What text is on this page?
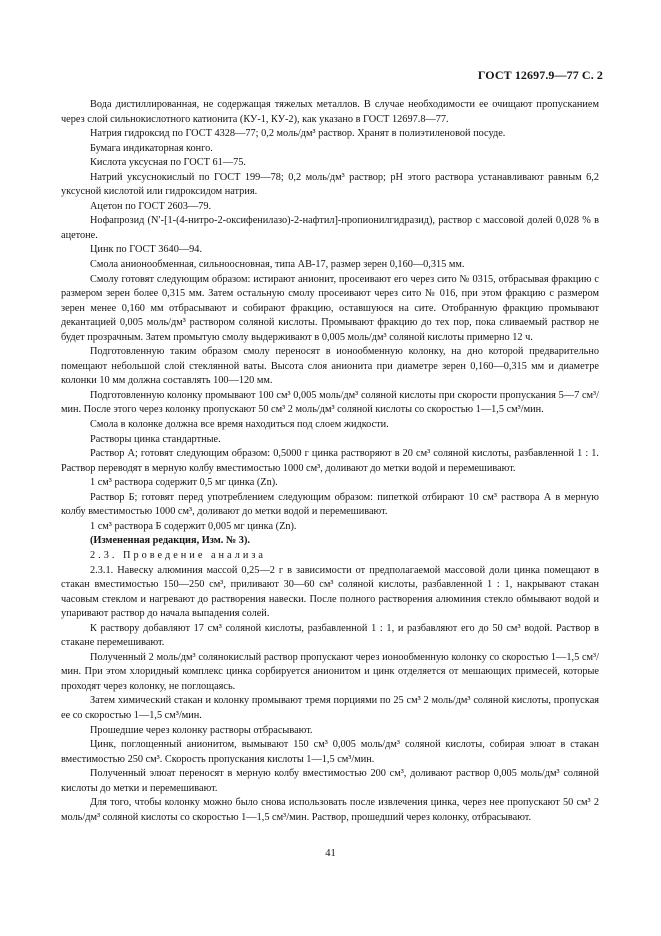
ГОСТ 12697.9—77 С. 2

Вода дистиллированная, не содержащая тяжелых металлов. В случае необходимости ее очищают пропусканием через слой сильнокислотного катионита (КУ-1, КУ-2), как указано в ГОСТ 12697.8—77.

Натрия гидроксид по ГОСТ 4328—77; 0,2 моль/дм³ раствор. Хранят в полиэтиленовой посуде.

Бумага индикаторная конго.

Кислота уксусная по ГОСТ 61—75.

Натрий уксуснокислый по ГОСТ 199—78; 0,2 моль/дм³ раствор; pH этого раствора устанавливают равным 6,2 уксусной кислотой или гидроксидом натрия.

Ацетон по ГОСТ 2603—79.

Нофапрозид (N′-[1-(4-нитро-2-оксифенилазо)-2-нафтил]-пропионилгидразид), раствор с массовой долей 0,028 % в ацетоне.

Цинк по ГОСТ 3640—94.

Смола анионообменная, сильноосновная, типа АВ-17, размер зерен 0,160—0,315 мм.

Смолу готовят следующим образом: истирают анионит, просеивают его через сито № 0315, отбрасывая фракцию с размером зерен более 0,315 мм. Затем остальную смолу просеивают через сито № 016, при этом фракцию с размером зерен менее 0,160 мм отбрасывают и собирают фракцию, оставшуюся на сите. Отобранную фракцию промывают декантацией 0,005 моль/дм³ раствором соляной кислоты. Промывают фракцию до тех пор, пока сливаемый раствор не будет прозрачным. Затем промытую смолу выдерживают в 0,005 моль/дм³ соляной кислоты примерно 12 ч.

Подготовленную таким образом смолу переносят в ионообменную колонку, на дно которой предварительно помещают небольшой слой стеклянной ваты. Высота слоя анионита при диаметре зерен 0,160—0,315 мм и диаметре колонки 10 мм должна составлять 100—120 мм.

Подготовленную колонку промывают 100 см³ 0,005 моль/дм³ соляной кислоты при скорости пропускания 5—7 см³/мин. После этого через колонку пропускают 50 см³ 2 моль/дм³ соляной кислоты со скоростью 1—1,5 см³/мин.

Смола в колонке должна все время находиться под слоем жидкости.

Растворы цинка стандартные.

Раствор А; готовят следующим образом: 0,5000 г цинка растворяют в 20 см³ соляной кислоты, разбавленной 1 : 1. Раствор переводят в мерную колбу вместимостью 1000 см³, доливают до метки водой и перемешивают.

1 см³ раствора содержит 0,5 мг цинка (Zn).

Раствор Б; готовят перед употреблением следующим образом: пипеткой отбирают 10 см³ раствора А в мерную колбу вместимостью 1000 см³, доливают до метки водой и перемешивают.

1 см³ раствора Б содержит 0,005 мг цинка (Zn).

(Измененная редакция, Изм. № 3).

2.3. Проведение анализа

2.3.1. Навеску алюминия массой 0,25—2 г в зависимости от предполагаемой массовой доли цинка помещают в стакан вместимостью 150—250 см³, приливают 30—60 см³ соляной кислоты, разбавленной 1 : 1, накрывают стакан часовым стеклом и нагревают до растворения навески. После полного растворения алюминия стекло обмывают водой и упаривают раствор до начала выпадения солей.

К раствору добавляют 17 см³ соляной кислоты, разбавленной 1 : 1, и разбавляют его до 50 см³ водой. Раствор в стакане перемешивают.

Полученный 2 моль/дм³ солянокислый раствор пропускают через ионообменную колонку со скоростью 1—1,5 см³/мин. При этом хлоридный комплекс цинка сорбируется анионитом и цинк отделяется от мешающих примесей, которые проходят через колонку, не поглощаясь.

Затем химический стакан и колонку промывают тремя порциями по 25 см³ 2 моль/дм³ соляной кислоты, пропуская ее со скоростью 1—1,5 см³/мин.

Прошедшие через колонку растворы отбрасывают.

Цинк, поглощенный анионитом, вымывают 150 см³ 0,005 моль/дм³ соляной кислоты, собирая элюат в стакан вместимостью 250 см³. Скорость пропускания кислоты 1—1,5 см³/мин.

Полученный элюат переносят в мерную колбу вместимостью 200 см³, доливают раствор 0,005 моль/дм³ соляной кислоты до метки и перемешивают.

Для того, чтобы колонку можно было снова использовать после извлечения цинка, через нее пропускают 50 см³ 2 моль/дм³ соляной кислоты со скоростью 1—1,5 см³/мин. Раствор, прошедший через колонку, отбрасывают.

41
